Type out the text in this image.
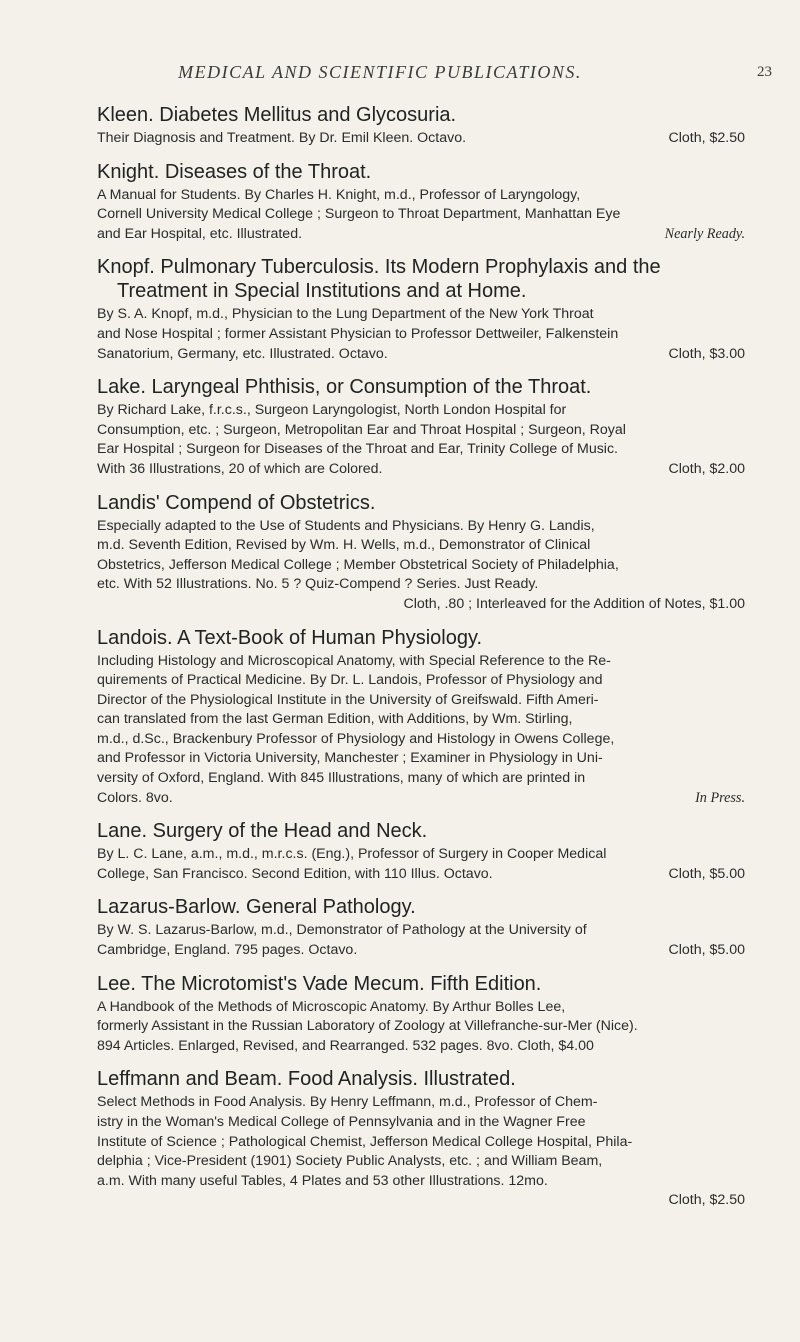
MEDICAL AND SCIENTIFIC PUBLICATIONS.	23
Kleen. Diabetes Mellitus and Glycosuria.
Their Diagnosis and Treatment. By Dr. Emil Kleen. Octavo.	Cloth, $2.50
Knight. Diseases of the Throat.
A Manual for Students. By Charles H. Knight, m.d., Professor of Laryngology,
Cornell University Medical College ; Surgeon to Throat Department, Manhattan Eye
and Ear Hospital, etc. Illustrated.	Nearly Ready.
Knopf. Pulmonary Tuberculosis. Its Modern Prophylaxis and the Treatment in Special Institutions and at Home.
By S. A. Knopf, m.d., Physician to the Lung Department of the New York Throat
and Nose Hospital ; former Assistant Physician to Professor Dettweiler, Falkenstein
Sanatorium, Germany, etc. Illustrated. Octavo.	Cloth, $3.00
Lake. Laryngeal Phthisis, or Consumption of the Throat.
By Richard Lake, f.r.c.s., Surgeon Laryngologist, North London Hospital for
Consumption, etc. ; Surgeon, Metropolitan Ear and Throat Hospital ; Surgeon, Royal
Ear Hospital ; Surgeon for Diseases of the Throat and Ear, Trinity College of Music.
With 36 Illustrations, 20 of which are Colored.	Cloth, $2.00
Landis' Compend of Obstetrics.
Especially adapted to the Use of Students and Physicians. By Henry G. Landis,
m.d. Seventh Edition, Revised by Wm. H. Wells, m.d., Demonstrator of Clinical
Obstetrics, Jefferson Medical College ; Member Obstetrical Society of Philadelphia,
etc. With 52 Illustrations. No. 5 ? Quiz-Compend ? Series. Just Ready.
Cloth, .80 ; Interleaved for the Addition of Notes, $1.00
Landois. A Text-Book of Human Physiology.
Including Histology and Microscopical Anatomy, with Special Reference to the Re-
quirements of Practical Medicine. By Dr. L. Landois, Professor of Physiology and
Director of the Physiological Institute in the University of Greifswald. Fifth Ameri-
can translated from the last German Edition, with Additions, by Wm. Stirling,
m.d., d.Sc., Brackenbury Professor of Physiology and Histology in Owens College,
and Professor in Victoria University, Manchester ; Examiner in Physiology in Uni-
versity of Oxford, England. With 845 Illustrations, many of which are printed in
Colors. 8vo.	In Press.
Lane. Surgery of the Head and Neck.
By L. C. Lane, a.m., m.d., m.r.c.s. (Eng.), Professor of Surgery in Cooper Medical
College, San Francisco. Second Edition, with 110 Illus. Octavo.	Cloth, $5.00
Lazarus-Barlow. General Pathology.
By W. S. Lazarus-Barlow, m.d., Demonstrator of Pathology at the University of
Cambridge, England. 795 pages. Octavo.	Cloth, $5.00
Lee. The Microtomist's Vade Mecum. Fifth Edition.
A Handbook of the Methods of Microscopic Anatomy. By Arthur Bolles Lee,
formerly Assistant in the Russian Laboratory of Zoology at Villefranche-sur-Mer (Nice).
894 Articles. Enlarged, Revised, and Rearranged. 532 pages. 8vo. Cloth, $4.00
Leffmann and Beam. Food Analysis. Illustrated.
Select Methods in Food Analysis. By Henry Leffmann, m.d., Professor of Chem-
istry in the Woman's Medical College of Pennsylvania and in the Wagner Free
Institute of Science ; Pathological Chemist, Jefferson Medical College Hospital, Phila-
delphia ; Vice-President (1901) Society Public Analysts, etc. ; and William Beam,
a.m. With many useful Tables, 4 Plates and 53 other Illustrations. 12mo.
Cloth, $2.50
